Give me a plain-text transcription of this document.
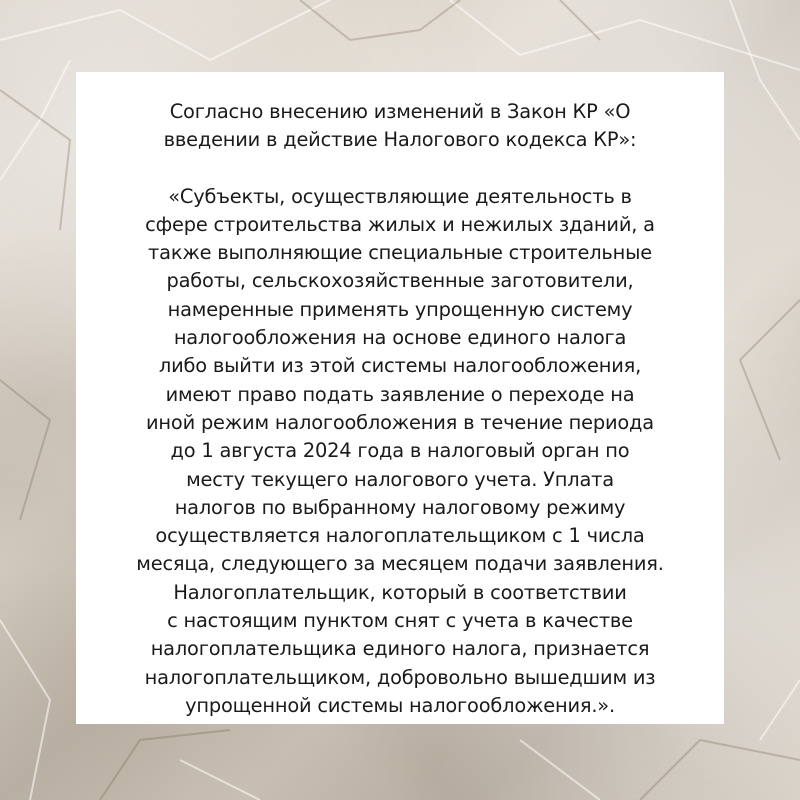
Согласно внесению изменений в Закон КР «О
введении в действие Налогового кодекса КР»:

«Субъекты, осуществляющие деятельность в
сфере строительства жилых и нежилых зданий, а
также выполняющие специальные строительные
работы, сельскохозяйственные заготовители,
намеренные применять упрощенную систему
налогообложения на основе единого налога
либо выйти из этой системы налогообложения,
имеют право подать заявление о переходе на
иной режим налогообложения в течение периода
до 1 августа 2024 года в налоговый орган по
месту текущего налогового учета. Уплата
налогов по выбранному налоговому режиму
осуществляется налогоплательщиком с 1 числа
месяца, следующего за месяцем подачи заявления.
Налогоплательщик, который в соответствии
с настоящим пунктом снят с учета в качестве
налогоплательщика единого налога, признается
налогоплательщиком, добровольно вышедшим из
упрощенной системы налогообложения.».
